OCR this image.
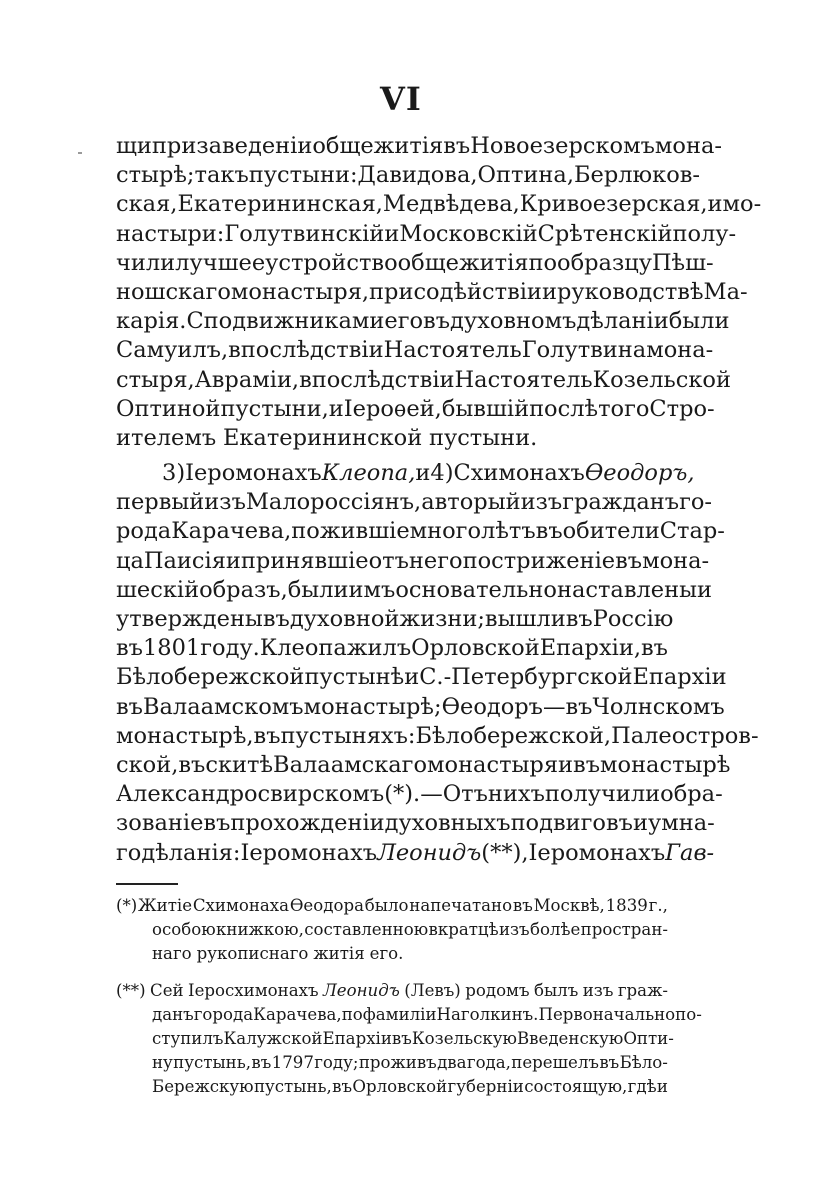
VI
щи при заведеніи общежитія въ Новоезерскомъ мона-
стырѣ; такъ пустыни: Давидова, Оптина, Берлюков-
ская, Екатерининская, Медвѣдева, Кривоезерская, и мо-
настыри: Голутвинскій и Московскій Срѣтенскій полу-
чили лучшее устройство общежитія по образцу Пѣш-
ношскаго монастыря, при содѣйствіи и руководствѣ Ма-
карія. Сподвижниками его въ духовномъ дѣланіи были
Самуилъ, впослѣдствіи Настоятель Голутвина мона-
стыря, Авраміи, впослѣдствіи Настоятель Козельской
Оптиной пустыни, и Іероѳей, бывшій послѣ того Стро-
ителемъ Екатерининской пустыни.
3) Іеромонахъ Клеопа, и 4) Схимонахъ Ѳеодоръ,
первый изъ Малороссіянъ, а вторый изъ гражданъ го-
рода Карачева, пожившіе много лѣтъ въ обители Стар-
ца Паисія и принявшіе отъ него постриженіе въ мона-
шескій образъ, были имъ основательно наставлены и
утверждены въ духовной жизни; вышли въ Россію
въ 1801 году. Клеопа жилъ Орловской Епархіи, въ
Бѣлобережской пустынѣ и С.-Петербургской Епархіи
въ Валаамскомъ монастырѣ; Ѳеодоръ — въ Чолнскомъ
монастырѣ, въ пустыняхъ: Бѣлобережской, Палеостров-
ской, въ скитѣ Валаамскаго монастыря и въ монастырѣ
Александросвирскомъ (*). — Отъ нихъ получили обра-
зованіе въ прохожденіи духовныхъ подвиговъ и умна-
го дѣланія: Іеромонахъ Леонидъ (**), Іеромонахъ Гав-
(*) Житіе Схимонаха Ѳеодора было напечатано въ Москвѣ, 1839 г.,
особою книжкою, составленною вкратцѣ изъ болѣе простран-
наго рукописнаго житія его.
(**) Сей Іеросхимонахъ Леонидъ (Левъ) родомъ былъ изъ граж-
данъ города Карачева, по фамиліи Наголкинъ. Первоначально по-
ступилъ Калужской Епархіи въ Козельскую Введенскую Опти-
ну пустынь, въ 1797 году; проживъ два года, перешелъ въ Бѣло-
Бережскую пустынь, въ Орловской губерніи состоящую, гдѣ и
